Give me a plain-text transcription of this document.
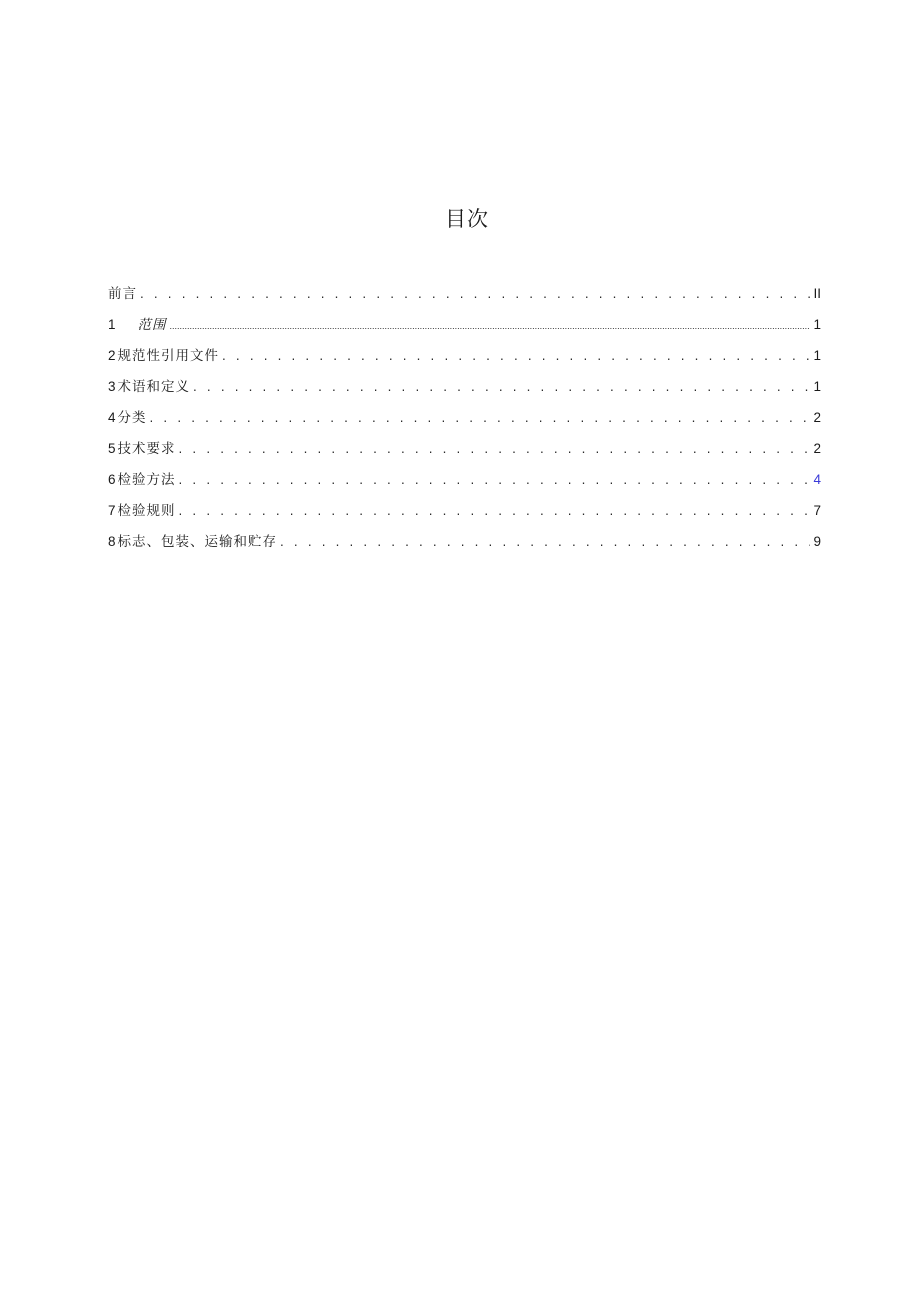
目次
前言 . . .	II
1 范围 .....	1
2 规范性引用文件 . . .	1
3 术语和定义 . . .	1
4 分类 . . .	2
5 技术要求 . . .	2
6 检验方法 . . .	4
7 检验规则 . . .	7
8 标志、包装、运输和贮存 . . .	9
